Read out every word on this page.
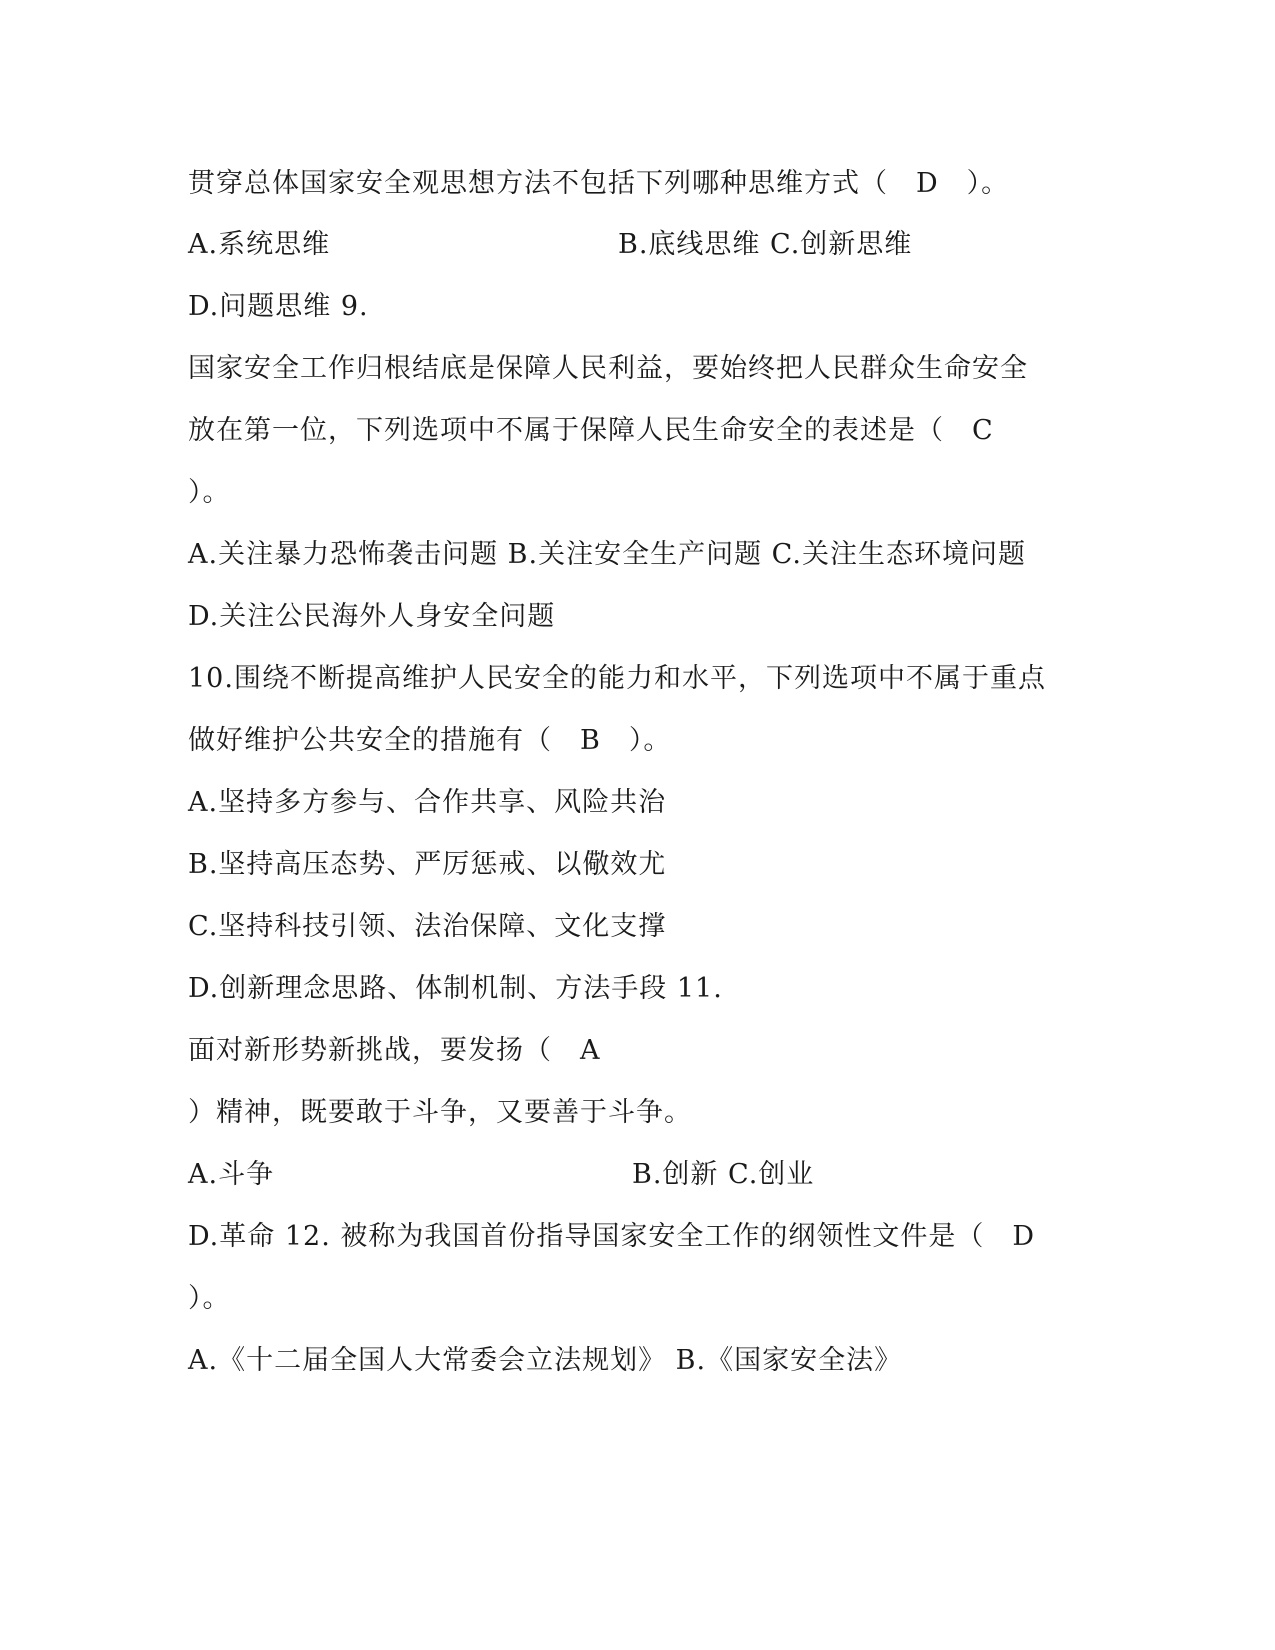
贯穿总体国家安全观思想方法不包括下列哪种思维方式（　D　）。
A.系统思维	B.底线思维 C.创新思维
D.问题思维 9.
国家安全工作归根结底是保障人民利益，要始终把人民群众生命安全
放在第一位，下列选项中不属于保障人民生命安全的表述是（　C
）。
A.关注暴力恐怖袭击问题 B.关注安全生产问题 C.关注生态环境问题
D.关注公民海外人身安全问题
10.围绕不断提高维护人民安全的能力和水平，下列选项中不属于重点
做好维护公共安全的措施有（　B　）。
A.坚持多方参与、合作共享、风险共治
B.坚持高压态势、严厉惩戒、以儆效尤
C.坚持科技引领、法治保障、文化支撑
D.创新理念思路、体制机制、方法手段 11.
面对新形势新挑战，要发扬（　A
）精神，既要敢于斗争，又要善于斗争。
A.斗争	B.创新 C.创业
D.革命 12. 被称为我国首份指导国家安全工作的纲领性文件是（　D
）。
A.《十二届全国人大常委会立法规划》 B.《国家安全法》
